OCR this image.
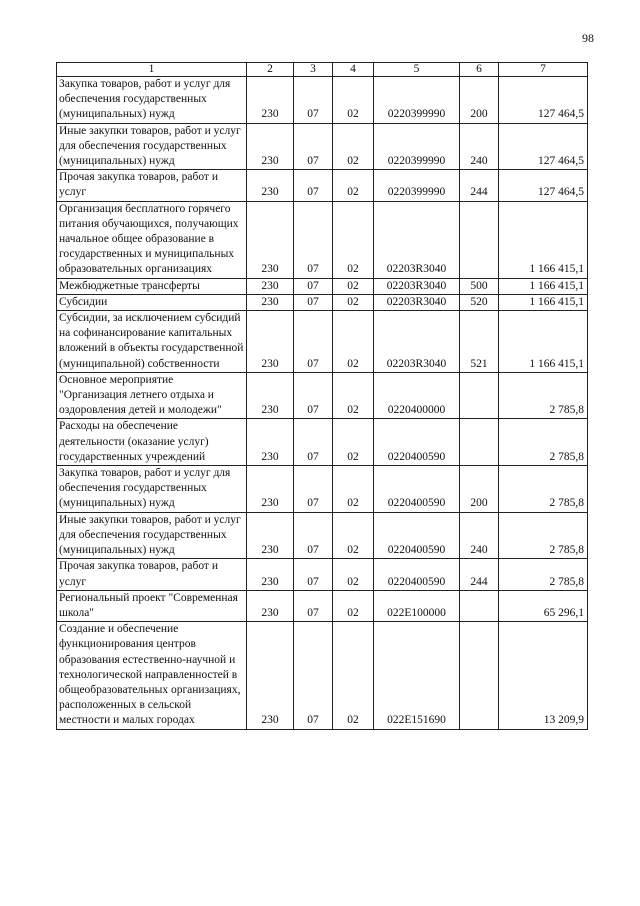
98
1	2	3	4	5	6	7
Закупка товаров, работ и услуг для обеспечения государственных (муниципальных) нужд	230	07	02	0220399990	200	127 464,5
Иные закупки товаров, работ и услуг для обеспечения государственных (муниципальных) нужд	230	07	02	0220399990	240	127 464,5
Прочая закупка товаров, работ и услуг	230	07	02	0220399990	244	127 464,5
Организация бесплатного горячего питания обучающихся, получающих начальное общее образование в государственных и муниципальных образовательных организациях	230	07	02	02203R3040		1 166 415,1
Межбюджетные трансферты	230	07	02	02203R3040	500	1 166 415,1
Субсидии	230	07	02	02203R3040	520	1 166 415,1
Субсидии, за исключением субсидий на софинансирование капитальных вложений в объекты государственной (муниципальной) собственности	230	07	02	02203R3040	521	1 166 415,1
Основное мероприятие "Организация летнего отдыха и оздоровления детей и молодежи"	230	07	02	0220400000		2 785,8
Расходы на обеспечение деятельности (оказание услуг) государственных учреждений	230	07	02	0220400590		2 785,8
Закупка товаров, работ и услуг для обеспечения государственных (муниципальных) нужд	230	07	02	0220400590	200	2 785,8
Иные закупки товаров, работ и услуг для обеспечения государственных (муниципальных) нужд	230	07	02	0220400590	240	2 785,8
Прочая закупка товаров, работ и услуг	230	07	02	0220400590	244	2 785,8
Региональный проект "Современная школа"	230	07	02	022E100000		65 296,1
Создание и обеспечение функционирования центров образования естественно-научной и технологической направленностей в общеобразовательных организациях, расположенных в сельской местности и малых городах	230	07	02	022E151690		13 209,9
